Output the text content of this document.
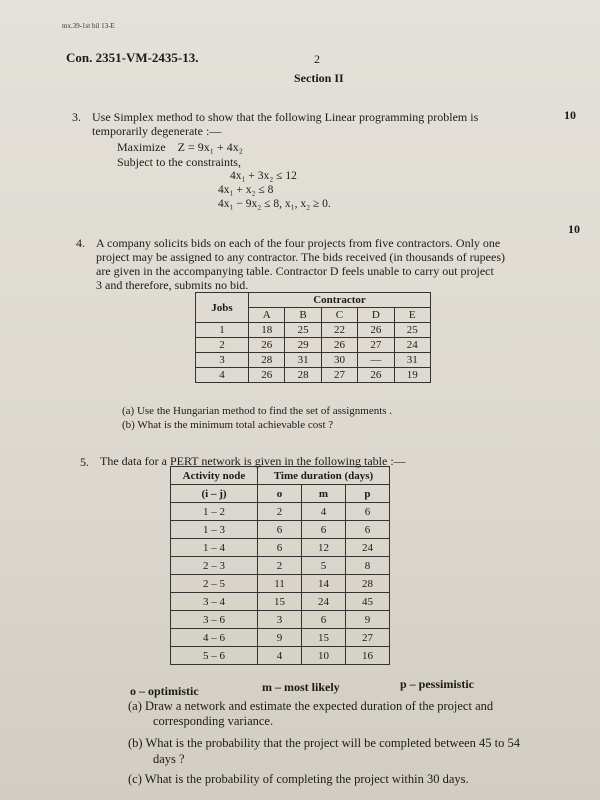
mx.39-1st bil 13-E
Con. 2351-VM-2435-13.	2
Section II
3. Use Simplex method to show that the following Linear programming problem is	10
temporarily degenerate :—
Maximize    Z = 9x₁ + 4x₂
Subject to the constraints,
4x₁ + 3x₂ ≤ 12
4x₁ + x₂ ≤ 8
4x₁ − 9x₂ ≤ 8, x₁, x₂ ≥ 0.
4. A company solicits bids on each of the four projects from five contractors. Only one
10
project may be assigned to any contractor. The bids received (in thousands of rupees)
are given in the accompanying table. Contractor D feels unable to carry out project
3 and therefore, submits no bid.
Jobs	Contractor				
	A	B	C	D	E
1	18	25	22	26	25
2	26	29	26	27	24
3	28	31	30	—	31
4	26	28	27	26	19
(a) Use the Hungarian method to find the set of assignments .
(b) What is the minimum total achievable cost ?
5. The data for a PERT network is given in the following table :—
Activity node	Time duration (days)		
(i – j)	o	m	p
1 – 2	2	4	6
1 – 3	6	6	6
1 – 4	6	12	24
2 – 3	2	5	8
2 – 5	11	14	28
3 – 4	15	24	45
3 – 6	3	6	9
4 – 6	9	15	27
5 – 6	4	10	16
o – optimistic	m – most likely	p – pessimistic
(a) Draw a network and estimate the expected duration of the project and
corresponding variance.
(b) What is the probability that the project will be completed between 45 to 54
days ?
(c) What is the probability of completing the project within 30 days.
